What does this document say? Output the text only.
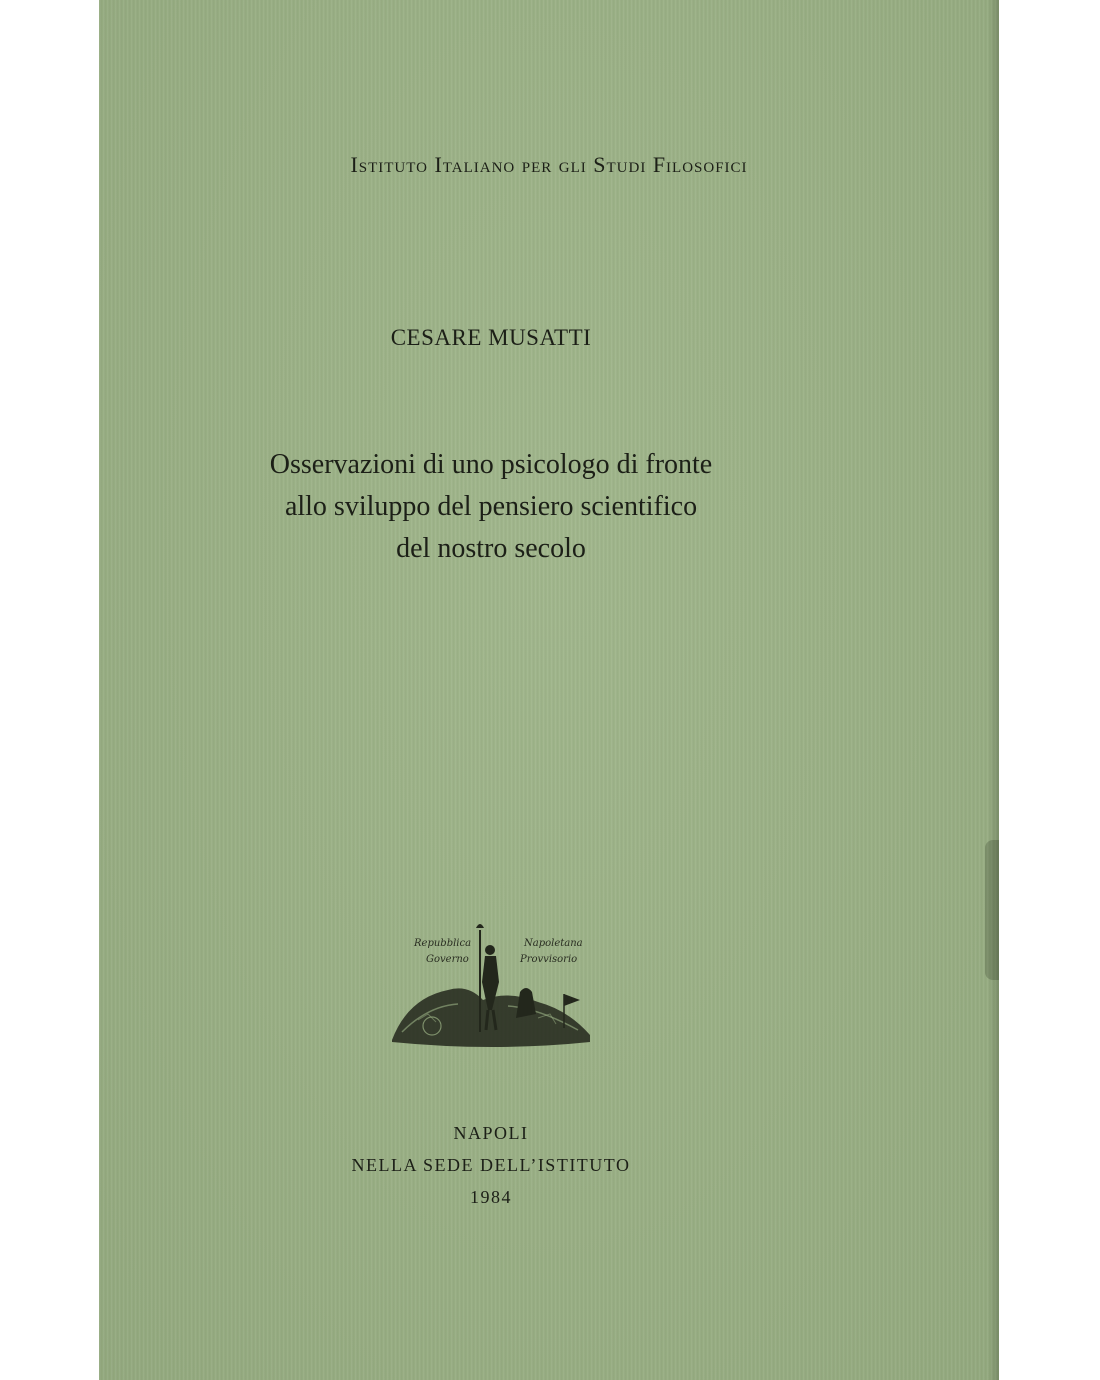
Istituto Italiano per gli Studi Filosofici
CESARE MUSATTI
Osservazioni di uno psicologo di fronte
allo sviluppo del pensiero scientifico
del nostro secolo
Repubblica	Napoletana
Governo	Provvisorio
NAPOLI
NELLA SEDE DELL’ISTITUTO
1984
